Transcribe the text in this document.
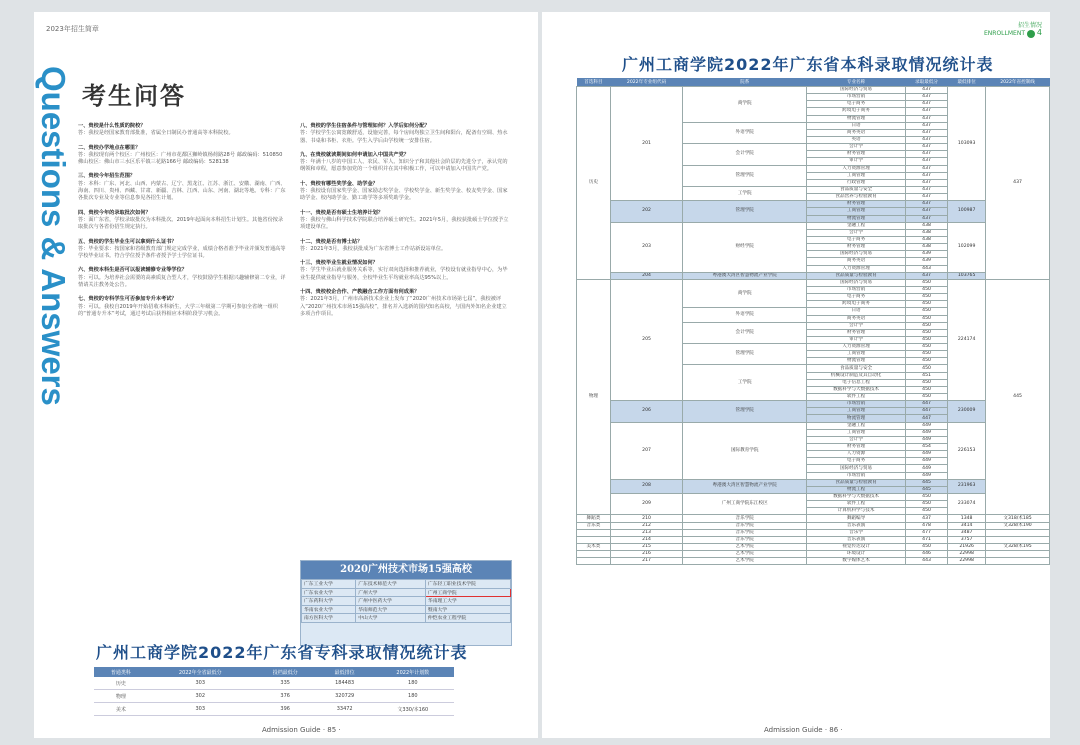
2023年招生简章
Questions & Answers 考生问答
一、贵校是什么性质的院校？

答：我校是经国家教育部批准，省属全日制民办普通高等本科院校。

二、贵校办学地点在哪里？

答：我校现有两个校区：广州校区：广州市花都区狮岭镇杨荷路28号 邮政编码：510850 佛山校区：佛山市三水区乐平镇三花路166号 邮政编码：528138

三、贵校今年招生范围？

答：本科：广东、河北、山西、内蒙古、辽宁、黑龙江、江苏、浙江、安徽、湖南、广西、海南、四川、贵州、西藏、甘肃、新疆、吉林、江西、山东、河南、湖北等地。专科：广东 各批次专业及专业等信息参见各招生计划。

四、贵校今年的录取批次如何？

答：面广东省，学校录取批次为本科批次。2019年起面向本科招生计划生。其他省份按录取批次与各省份招生规定执行。

五、贵校的学生毕业生可以拿到什么证书？

答：毕业要求：按国家和省级教育部门规定完成学业，成绩合格者准予毕业并颁发普通高等学校毕业证书。符合学位授予条件者授予学士学位证书。

六、贵校本科生是否可以报读辅修专业等学位？

答：可以。为培养社会需要的高素质复合型人才，学校鼓励学生根据兴趣辅修第二专业，详情请关注教务处公告。

七、贵校的专科学生可否参加专升本考试？

答：可以。我校自2019年开始招收本科新生，大学三年级第二学期可参加全省统一组织的“普通专升本”考试，通过考试后获得相应本科阶段学习机会。

八、贵校的学生住宿条件与管理如何？入学后如何分配？

答：学校学生公寓宽敞舒适，设施完善，每个房间均独立卫生间和阳台，配备有空调、热水器、书桌和书柜、衣柜。学生入学后由学校统一安排住宿。

九、在贵校就读期间如何申请加入中国共产党？

答：年满十八岁的中国工人、农民、军人、知识分子和其他社会阶层的先进分子，承认党的纲领和章程，愿意参加党的一个组织并在其中积极工作，可以申请加入中国共产党。

十、贵校有哪些奖学金、助学金？

答：我校设有国家奖学金、国家励志奖学金、学校奖学金、新生奖学金、校友奖学金、国家助学金、校内助学金、勤工助学等多项奖助学金。

十一、贵校是否有硕士生培养计划？

答：我校与佛山科学技术学院联合培养硕士研究生。2021年5月，我校获批硕士学位授予立项建设单位。

十二、贵校是否有博士站？

答：2021年3月，我校获批成为广东省博士工作站新设站单位。

十三、贵校毕业生就业情况如何？

答：学生毕业后就业服务关系等，实行双向选择和推荐就业，学校设有就业指导中心，为毕业生提供就业指导与服务，全校毕业生平均就业率高达95%以上。

十四、贵校校企合作、产教融合工作方面有何成果？

答：2021年3月，广州市高新技术企业上发布了“2020广州技术市场第七届”，我校被评入“2020广州技术市场15强高校”，排名并入选新的国内知名高校，与国内外知名企业建立多项合作项目。

2020广州技术市场15强高校
广东工业大学	广东技术师范大学	广东轻工职业技术学院
广东农业大学	广州大学	广州工商学院
广东药科大学	广州中医药大学	华南理工大学
华南农业大学	华南师范大学	暨南大学
南方医科大学	中山大学	仲恺农业工程学院
广州工商学院2022年广东省专科录取情况统计表
普通类科	2022年全省最低分	投档最低分	最低排位	2022年计划数
历史	303	335	184483	180
物理	302	376	320729	180
美术	303	396	33472	文330/本160
Admission Guide · 85 ·
招生情况
ENROLLMENT 4
广州工商学院2022年广东省本科录取情况统计表
首选科目	2022年专业组代码	院系	专业名称	录取最低分	最低排位	2022年省控制线
历史	201	商学院	国际经济与贸易	437	103093	437
			市场营销	437		
			电子商务	437		
			跨境电子商务	437		
			物流管理	437		
		外语学院	日语	437		
			商务英语	437		
			英语	437		
		会计学院	会计学	437		
			财务管理	437		
			审计学	437		
		管理学院	人力资源管理	437		
			工商管理	437		
			行政管理	437		
		工学院	食品质量与安全	437		
			食品营养与检验教育	437		
	202	管理学院	财务管理	437	100987	
			工商管理	437		
			物流管理	437		
	203	财经学院	金融工程	438	102099	
			会计学	438		
			电子商务	438		
			财务管理	438		
			国际经济与贸易	439		
			商务英语	439		
			人力资源管理	443		
	204	粤港澳大湾区智慧物流产业学院	食品质量与检验教育	437	103765	
物理	205	商学院	国际经济与贸易	450	224174	445
			市场营销	450		
			电子商务	450		
			跨境电子商务	450		
		外语学院	日语	450		
			商务英语	450		
		会计学院	会计学	450		
			财务管理	450		
			审计学	450		
		管理学院	人力资源管理	450		
			工商管理	450		
			物流管理	450		
		工学院	食品质量与安全	450		
			机械设计制造及其自动化	451		
			电子信息工程	450		
			数据科学与大数据技术	450		
			软件工程	450		
	206	管理学院	市场营销	447	230009	
			工商管理	447		
			物流管理	447		
	207	国际教育学院	金融工程	449	226153	
			工商管理	449		
			会计学	449		
			财务管理	454		
			人力资源	449		
			电子商务	449		
			国际经济与贸易	449		
			市场营销	449		
	208	粤港澳大湾区智慧物流产业学院	食品质量与检验教育	445	231963	
			物流工程	445		
	209	广州工商学院东江校区	数据科学与大数据技术	450	233074	
			软件工程	450		
			计算机科学与技术	450		
舞蹈类	210	音乐学院	舞蹈编导	437	1348	文318/术185
音乐类	212	音乐学院	音乐表演	478	3414	文328/术190
	213	音乐学院	音乐学	477	3487	
	214	音乐学院	音乐表演	471	3757	
美术类	215	艺术学院	视觉传达设计	450	21926	文328/术195
	216	艺术学院	环境设计	446	22998	
	217	艺术学院	数字媒体艺术	443	22998	
Admission Guide · 86 ·
